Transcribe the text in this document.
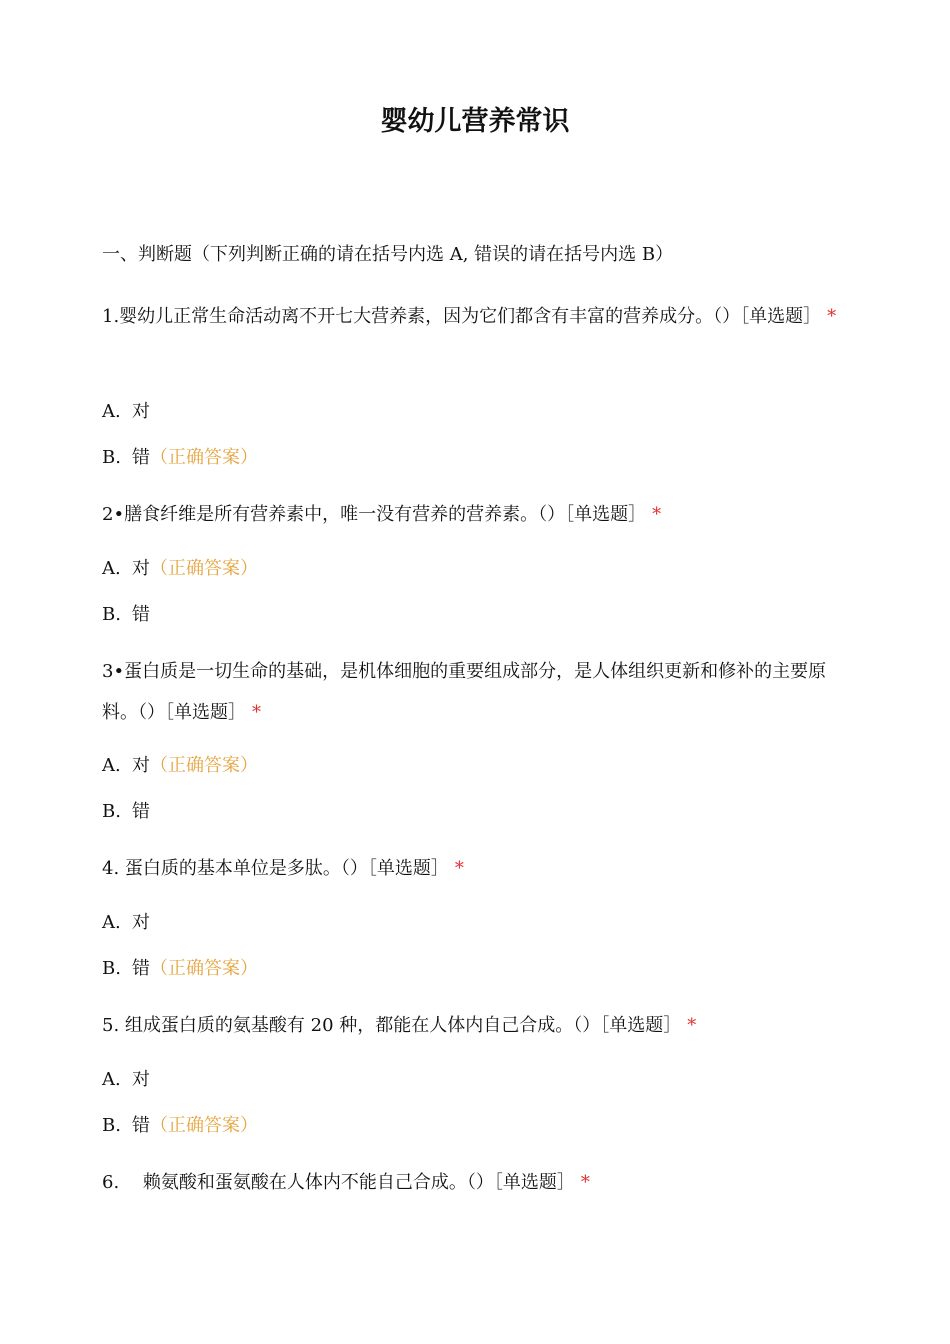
婴幼儿营养常识

一、判断题（下列判断正确的请在括号内选 A, 错误的请在括号内选 B）

1.婴幼儿正常生命活动离不开七大营养素，因为它们都含有丰富的营养成分。（）［单选题］ *

A. 对
B. 错（正确答案）
2•膳食纤维是所有营养素中，唯一没有营养的营养素。（）［单选题］ *
A. 对（正确答案）
B. 错

3•蛋白质是一切生命的基础，是机体细胞的重要组成部分，是人体组织更新和修补的主要原料。（）［单选题］ *

A. 对（正确答案）
B. 错
4. 蛋白质的基本单位是多肽。（）［单选题］ *
A. 对
B. 错（正确答案）
5. 组成蛋白质的氨基酸有 20 种，都能在人体内自己合成。（）［单选题］ *
A. 对
B. 错（正确答案）
6.　 赖氨酸和蛋氨酸在人体内不能自己合成。（）［单选题］ *
